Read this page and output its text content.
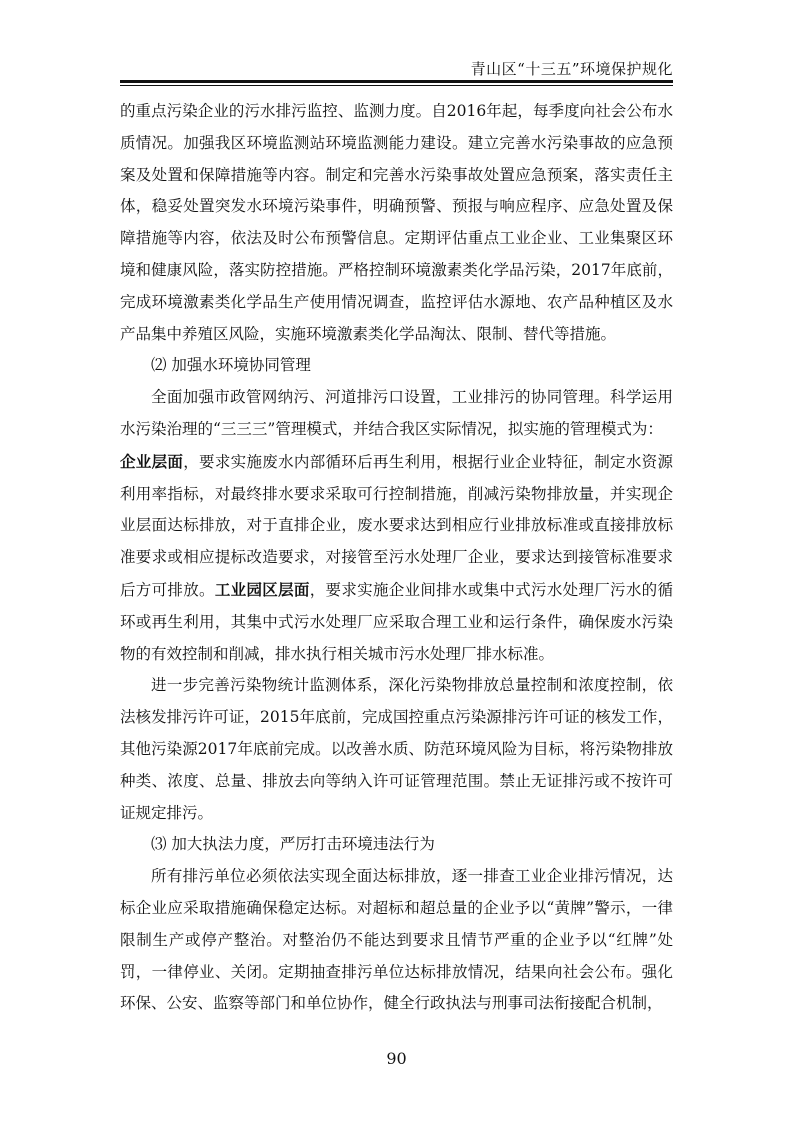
青山区“十三五”环境保护规化

的重点污染企业的污水排污监控、监测力度。自2016年起，每季度向社会公布水质情况。加强我区环境监测站环境监测能力建设。建立完善水污染事故的应急预案及处置和保障措施等内容。制定和完善水污染事故处置应急预案，落实责任主体，稳妥处置突发水环境污染事件，明确预警、预报与响应程序、应急处置及保障措施等内容，依法及时公布预警信息。定期评估重点工业企业、工业集聚区环境和健康风险，落实防控措施。严格控制环境激素类化学品污染，2017年底前，完成环境激素类化学品生产使用情况调查，监控评估水源地、农产品种植区及水产品集中养殖区风险，实施环境激素类化学品淘汰、限制、替代等措施。

⑵ 加强水环境协同管理

全面加强市政管网纳污、河道排污口设置，工业排污的协同管理。科学运用水污染治理的“三三三”管理模式，并结合我区实际情况，拟实施的管理模式为：

企业层面，要求实施废水内部循环后再生利用，根据行业企业特征，制定水资源利用率指标，对最终排水要求采取可行控制措施，削减污染物排放量，并实现企业层面达标排放，对于直排企业，废水要求达到相应行业排放标准或直接排放标准要求或相应提标改造要求，对接管至污水处理厂企业，要求达到接管标准要求后方可排放。工业园区层面，要求实施企业间排水或集中式污水处理厂污水的循环或再生利用，其集中式污水处理厂应采取合理工业和运行条件，确保废水污染物的有效控制和削减，排水执行相关城市污水处理厂排水标准。

进一步完善污染物统计监测体系，深化污染物排放总量控制和浓度控制，依法核发排污许可证，2015年底前，完成国控重点污染源排污许可证的核发工作，其他污染源2017年底前完成。以改善水质、防范环境风险为目标，将污染物排放种类、浓度、总量、排放去向等纳入许可证管理范围。禁止无证排污或不按许可证规定排污。

⑶ 加大执法力度，严厉打击环境违法行为

所有排污单位必须依法实现全面达标排放，逐一排查工业企业排污情况，达标企业应采取措施确保稳定达标。对超标和超总量的企业予以“黄牌”警示，一律限制生产或停产整治。对整治仍不能达到要求且情节严重的企业予以“红牌”处罚，一律停业、关闭。定期抽查排污单位达标排放情况，结果向社会公布。强化环保、公安、监察等部门和单位协作，健全行政执法与刑事司法衔接配合机制，

90
